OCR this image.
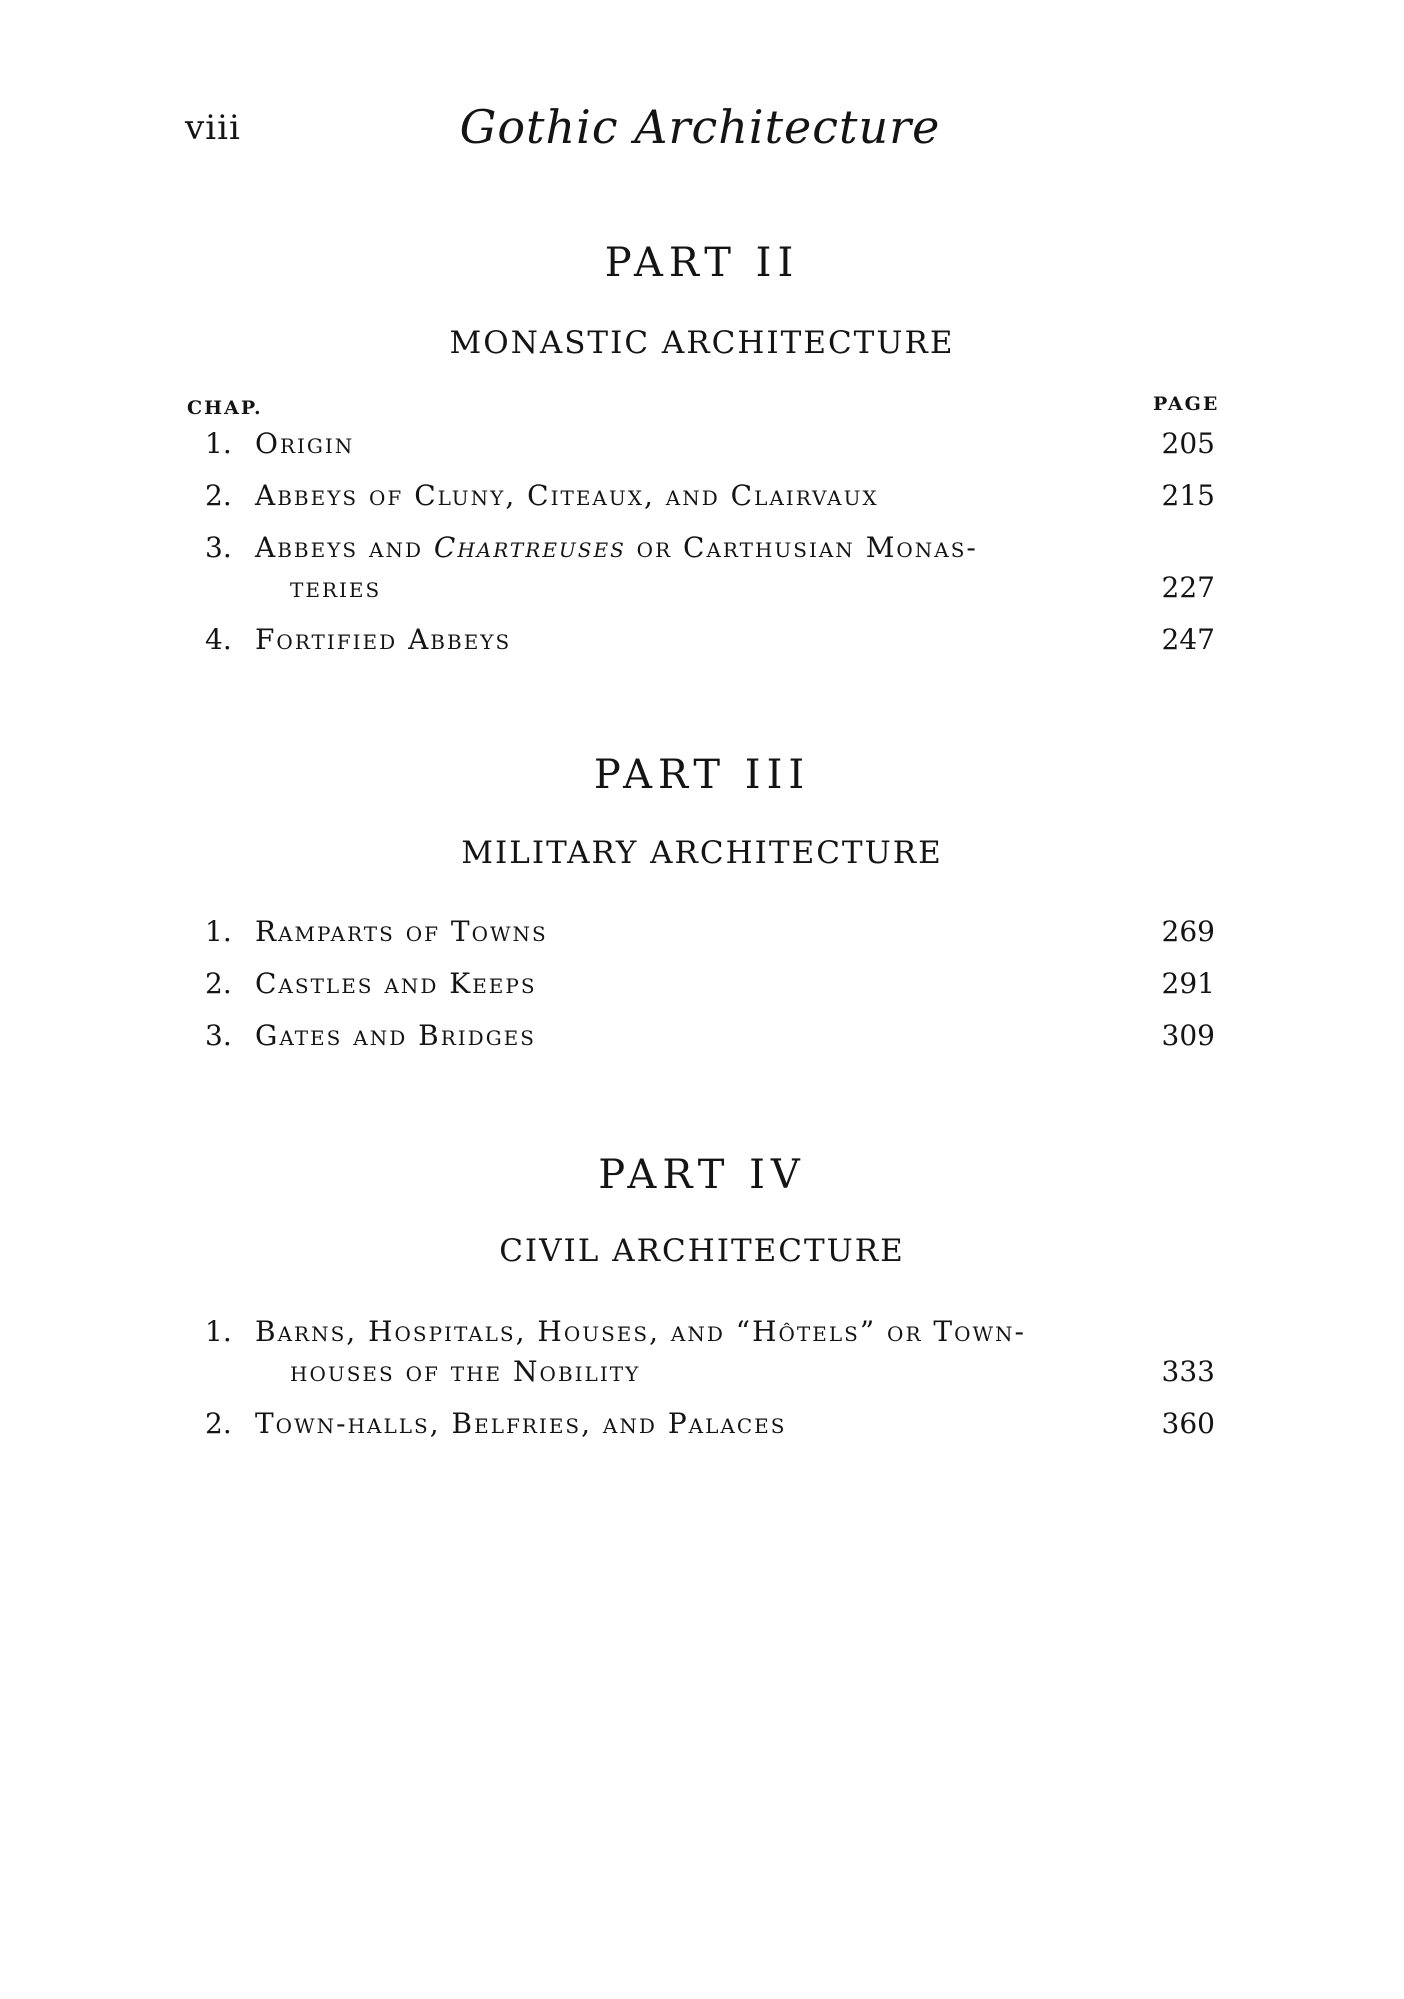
viii	Gothic Architecture
PART II
MONASTIC ARCHITECTURE
CHAP.	PAGE
1. Origin	205
2. Abbeys of Cluny, Citeaux, and Clairvaux	215
3. Abbeys and Chartreuses or Carthusian Monas-
teries	227
4. Fortified Abbeys	247
PART III
MILITARY ARCHITECTURE
1. Ramparts of Towns	269
2. Castles and Keeps	291
3. Gates and Bridges	309
PART IV
CIVIL ARCHITECTURE
1. Barns, Hospitals, Houses, and “Hôtels” or Town-
houses of the Nobility	333
2. Town-halls, Belfries, and Palaces	360
